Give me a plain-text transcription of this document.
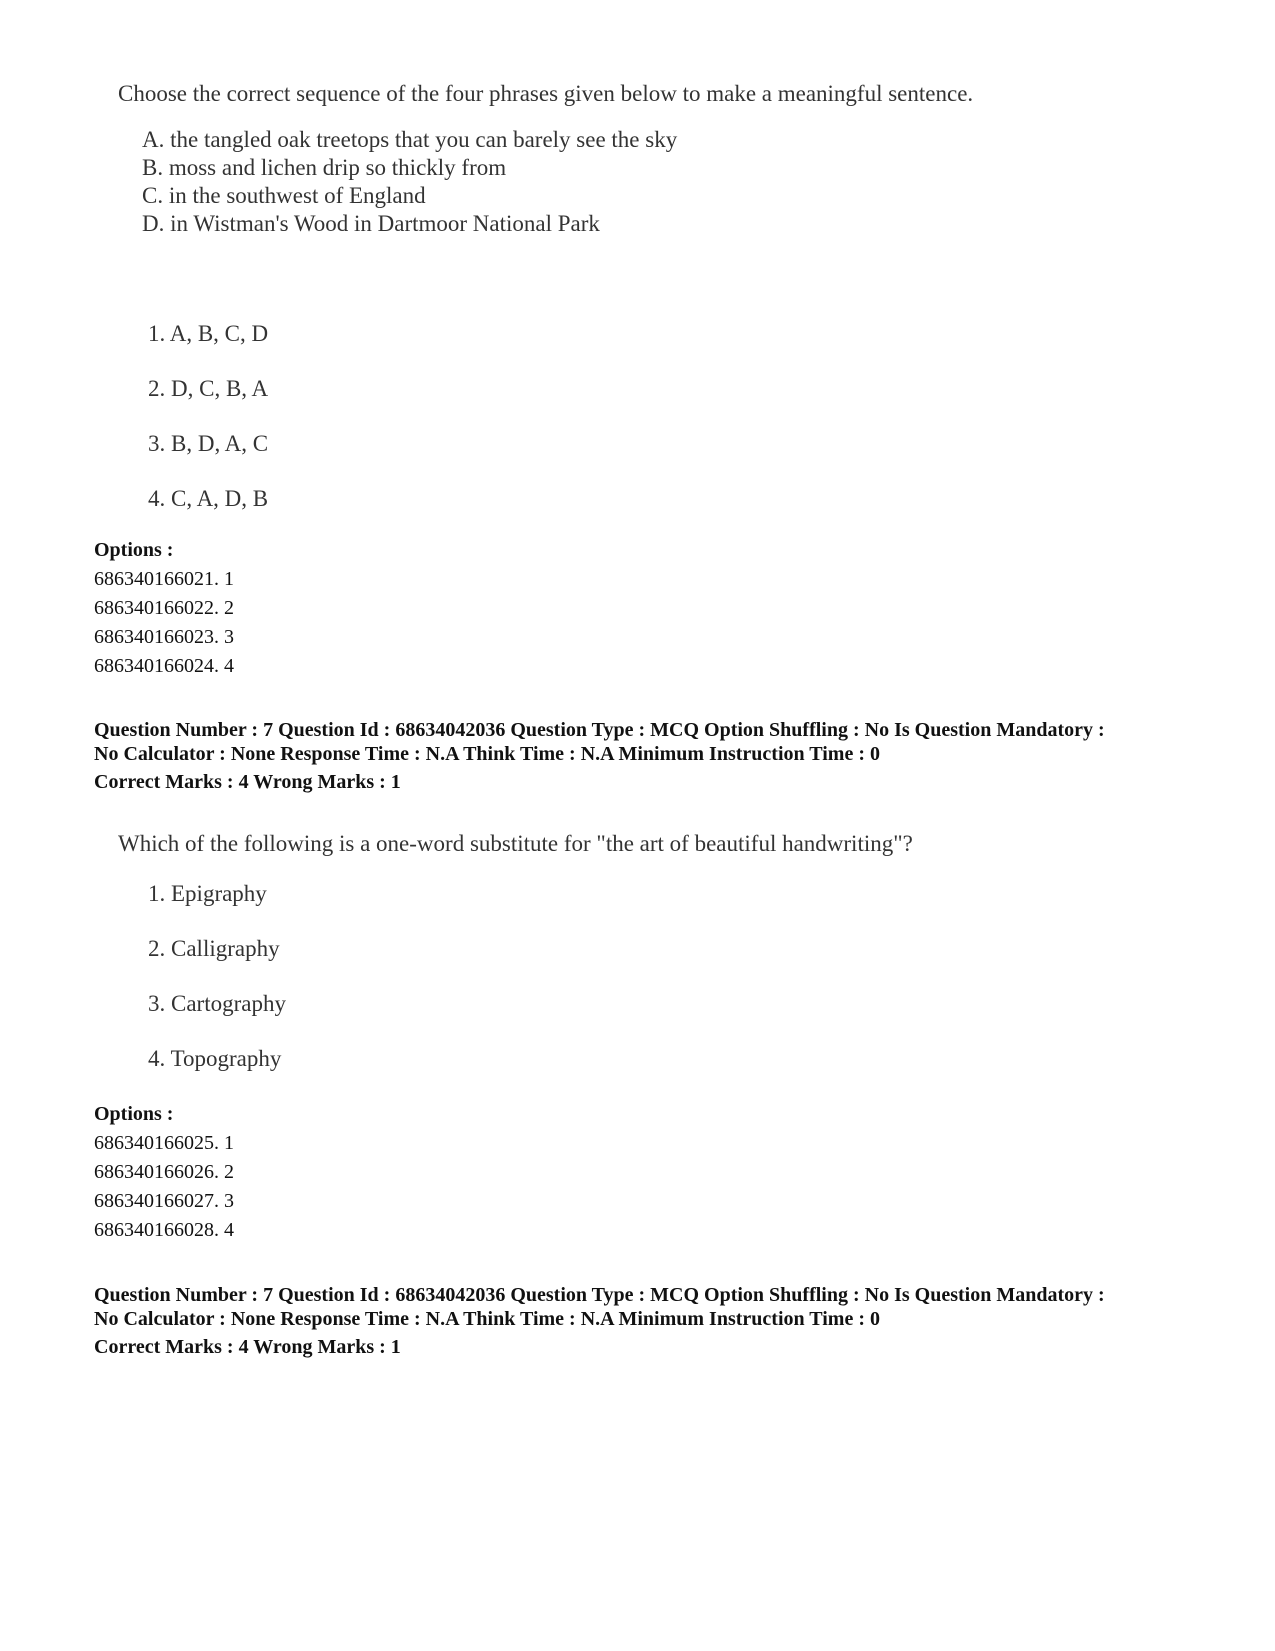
Choose the correct sequence of the four phrases given below to make a meaningful sentence.
A. the tangled oak treetops that you can barely see the sky
B. moss and lichen drip so thickly from
C. in the southwest of England
D. in Wistman's Wood in Dartmoor National Park
1. A, B, C, D
2. D, C, B, A
3. B, D, A, C
4. C, A, D, B
Options :
686340166021. 1
686340166022. 2
686340166023. 3
686340166024. 4
Question Number : 7 Question Id : 68634042036 Question Type : MCQ Option Shuffling : No Is Question Mandatory :
No Calculator : None Response Time : N.A Think Time : N.A Minimum Instruction Time : 0
Correct Marks : 4 Wrong Marks : 1
Which of the following is a one-word substitute for "the art of beautiful handwriting"?
1. Epigraphy
2. Calligraphy
3. Cartography
4. Topography
Options :
686340166025. 1
686340166026. 2
686340166027. 3
686340166028. 4
Question Number : 7 Question Id : 68634042036 Question Type : MCQ Option Shuffling : No Is Question Mandatory :
No Calculator : None Response Time : N.A Think Time : N.A Minimum Instruction Time : 0
Correct Marks : 4 Wrong Marks : 1
